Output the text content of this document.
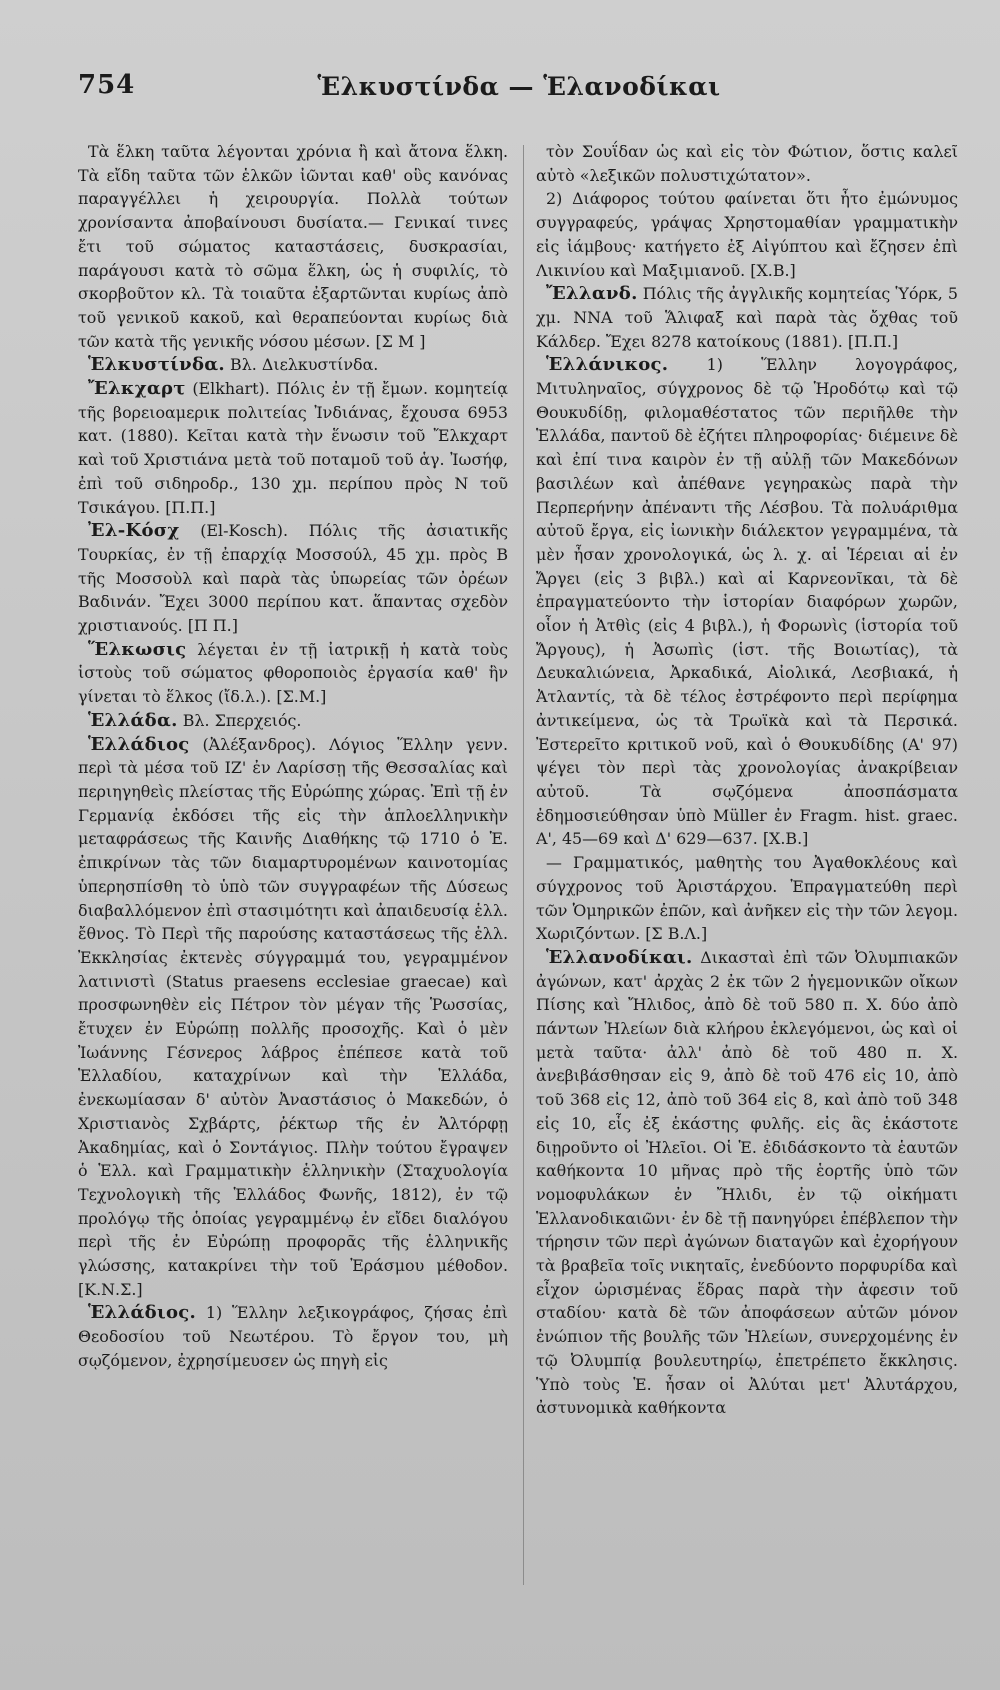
754	Ἑλκυστίνδα — Ἑλανοδίκαι

Τὰ ἕλκη ταῦτα λέγονται χρόνια ἢ καὶ ἄτονα ἕλκη. Τὰ εἴδη ταῦτα τῶν ἑλκῶν ἰῶνται καθ' οὓς κανόνας παραγγέλλει ἡ χειρουργία. Πολλὰ τούτων χρονίσαντα ἀποβαίνουσι δυσίατα.— Γενικαί τινες ἔτι τοῦ σώματος καταστάσεις, δυσκρασίαι, παράγουσι κατὰ τὸ σῶμα ἕλκη, ὡς ἡ συφιλίς, τὸ σκορβοῦτον κλ. Τὰ τοιαῦτα ἐξαρτῶνται κυρίως ἀπὸ τοῦ γενικοῦ κακοῦ, καὶ θεραπεύονται κυρίως διὰ τῶν κατὰ τῆς γενικῆς νόσου μέσων. [Σ Μ ]

Ἑλκυστίνδα. Βλ. Διελκυστίνδα.

Ἔλκχαρτ (Elkhart). Πόλις ἐν τῇ ἔμων. κομητείᾳ τῆς βορειοαμερικ πολιτείας Ἰνδιάνας, ἔχουσα 6953 κατ. (1880). Κεῖται κατὰ τὴν ἕνωσιν τοῦ Ἔλκχαρτ καὶ τοῦ Χριστιάνα μετὰ τοῦ ποταμοῦ τοῦ ἁγ. Ἰωσήφ, ἐπὶ τοῦ σιδηροδρ., 130 χμ. περίπου πρὸς Ν τοῦ Τσικάγου. [Π.Π.]

Ἐλ-Κόσχ (El-Kosch). Πόλις τῆς ἀσιατικῆς Τουρκίας, ἐν τῇ ἐπαρχίᾳ Μοσσούλ, 45 χμ. πρὸς Β τῆς Μοσσοὺλ καὶ παρὰ τὰς ὑπωρείας τῶν ὀρέων Βαδινάν. Ἔχει 3000 περίπου κατ. ἅπαντας σχεδὸν χριστιανούς. [Π Π.]

Ἕλκωσις λέγεται ἐν τῇ ἰατρικῇ ἡ κατὰ τοὺς ἱστοὺς τοῦ σώματος φθοροποιὸς ἐργασία καθ' ἣν γίνεται τὸ ἕλκος (ἴδ.λ.). [Σ.Μ.]

Ἑλλάδα. Βλ. Σπερχειός.

Ἑλλάδιος (Ἀλέξανδρος). Λόγιος Ἕλλην γενν. περὶ τὰ μέσα τοῦ ΙΖ' ἐν Λαρίσσῃ τῆς Θεσσαλίας καὶ περιηγηθεὶς πλείστας τῆς Εὐρώπης χώρας. Ἐπὶ τῇ ἐν Γερμανίᾳ ἐκδόσει τῆς εἰς τὴν ἁπλοελληνικὴν μεταφράσεως τῆς Καινῆς Διαθήκης τῷ 1710 ὁ Ἑ. ἐπικρίνων τὰς τῶν διαμαρτυρομένων καινοτομίας ὑπερησπίσθη τὸ ὑπὸ τῶν συγγραφέων τῆς Δύσεως διαβαλλόμενον ἐπὶ στασιμότητι καὶ ἀπαιδευσίᾳ ἑλλ. ἔθνος. Τὸ Περὶ τῆς παρούσης καταστάσεως τῆς ἑλλ. Ἐκκλησίας ἐκτενὲς σύγγραμμά του, γεγραμμένον λατινιστὶ (Status praesens ecclesiae graecae) καὶ προσφωνηθὲν εἰς Πέτρον τὸν μέγαν τῆς Ῥωσσίας, ἔτυχεν ἐν Εὐρώπῃ πολλῆς προσοχῆς. Καὶ ὁ μὲν Ἰωάννης Γέσνερος λάβρος ἐπέπεσε κατὰ τοῦ Ἑλλαδίου, καταχρίνων καὶ τὴν Ἑλλάδα, ἐνεκωμίασαν δ' αὐτὸν Ἀναστάσιος ὁ Μακεδών, ὁ Χριστιανὸς Σχβάρτς, ῥέκτωρ τῆς ἐν Ἀλτόρφῃ Ἀκαδημίας, καὶ ὁ Σοντάγιος. Πλὴν τούτου ἔγραψεν ὁ Ἑλλ. καὶ Γραμματικὴν ἑλληνικὴν (Σταχυολογία Τεχνολογικὴ τῆς Ἑλλάδος Φωνῆς, 1812), ἐν τῷ προλόγῳ τῆς ὁποίας γεγραμμένῳ ἐν εἴδει διαλόγου περὶ τῆς ἐν Εὐρώπῃ προφορᾶς τῆς ἑλληνικῆς γλώσσης, κατακρίνει τὴν τοῦ Ἐράσμου μέθοδον. [Κ.Ν.Σ.]

Ἑλλάδιος. 1) Ἕλλην λεξικογράφος, ζήσας ἐπὶ Θεοδοσίου τοῦ Νεωτέρου. Τὸ ἔργον του, μὴ σῳζόμενον, ἐχρησίμευσεν ὡς πηγὴ εἰς

τὸν Σουΐδαν ὡς καὶ εἰς τὸν Φώτιον, ὅστις καλεῖ αὐτὸ «λεξικῶν πολυστιχώτατον».

2) Διάφορος τούτου φαίνεται ὅτι ἦτο ἐμώνυμος συγγραφεύς, γράψας Χρηστομαθίαν γραμματικὴν εἰς ἰάμβους· κατήγετο ἐξ Αἰγύπτου καὶ ἔζησεν ἐπὶ Λικινίου καὶ Μαξιμιανοῦ. [Χ.Β.]

Ἔλλανδ. Πόλις τῆς ἀγγλικῆς κομητείας Ὑόρκ, 5 χμ. ΝΝΑ τοῦ Ἅλιφαξ καὶ παρὰ τὰς ὄχθας τοῦ Κάλδερ. Ἔχει 8278 κατοίκους (1881). [Π.Π.]

Ἑλλάνικος. 1) Ἕλλην λογογράφος, Μιτυληναῖος, σύγχρονος δὲ τῷ Ἡροδότῳ καὶ τῷ Θουκυδίδῃ, φιλομαθέστατος τῶν περιῆλθε τὴν Ἑλλάδα, παντοῦ δὲ ἐζήτει πληροφορίας· διέμεινε δὲ καὶ ἐπί τινα καιρὸν ἐν τῇ αὐλῇ τῶν Μακεδόνων βασιλέων καὶ ἀπέθανε γεγηρακὼς παρὰ τὴν Περπερήνην ἀπέναντι τῆς Λέσβου. Τὰ πολυάριθμα αὐτοῦ ἔργα, εἰς ἰωνικὴν διάλεκτον γεγραμμένα, τὰ μὲν ἦσαν χρονολογικά, ὡς λ. χ. αἱ Ἱέρειαι αἱ ἐν Ἄργει (εἰς 3 βιβλ.) καὶ αἱ Καρνεονῖκαι, τὰ δὲ ἐπραγματεύοντο τὴν ἱστορίαν διαφόρων χωρῶν, οἷον ἡ Ἀτθὶς (εἰς 4 βιβλ.), ἡ Φορωνὶς (ἱστορία τοῦ Ἄργους), ἡ Ἀσωπὶς (ἱστ. τῆς Βοιωτίας), τὰ Δευκαλιώνεια, Ἀρκαδικά, Αἰολικά, Λεσβιακά, ἡ Ἀτλαντίς, τὰ δὲ τέλος ἐστρέφοντο περὶ περίφημα ἀντικείμενα, ὡς τὰ Τρωϊκὰ καὶ τὰ Περσικά. Ἐστερεῖτο κριτικοῦ νοῦ, καὶ ὁ Θουκυδίδης (Α' 97) ψέγει τὸν περὶ τὰς χρονολογίας ἀνακρίβειαν αὐτοῦ. Τὰ σῳζόμενα ἀποσπάσματα ἐδημοσιεύθησαν ὑπὸ Müller ἐν Fragm. hist. graec. Α', 45—69 καὶ Δ' 629—637. [Χ.Β.]

— Γραμματικός, μαθητὴς του Ἀγαθοκλέους καὶ σύγχρονος τοῦ Ἀριστάρχου. Ἐπραγματεύθη περὶ τῶν Ὁμηρικῶν ἐπῶν, καὶ ἀνῆκεν εἰς τὴν τῶν λεγομ. Χωριζόντων. [Σ Β.Λ.]

Ἑλλανοδίκαι. Δικασταὶ ἐπὶ τῶν Ὀλυμπιακῶν ἀγώνων, κατ' ἀρχὰς 2 ἐκ τῶν 2 ἡγεμονικῶν οἴκων Πίσης καὶ Ἤλιδος, ἀπὸ δὲ τοῦ 580 π. Χ. δύο ἀπὸ πάντων Ἠλείων διὰ κλήρου ἐκλεγόμενοι, ὡς καὶ οἱ μετὰ ταῦτα· ἀλλ' ἀπὸ δὲ τοῦ 480 π. Χ. ἀνεβιβάσθησαν εἰς 9, ἀπὸ δὲ τοῦ 476 εἰς 10, ἀπὸ τοῦ 368 εἰς 12, ἀπὸ τοῦ 364 εἰς 8, καὶ ἀπὸ τοῦ 348 εἰς 10, εἷς ἐξ ἑκάστης φυλῆς. εἰς ἃς ἑκάστοτε διῃροῦντο οἱ Ἠλεῖοι. Οἱ Ἑ. ἐδιδάσκοντο τὰ ἑαυτῶν καθήκοντα 10 μῆνας πρὸ τῆς ἑορτῆς ὑπὸ τῶν νομοφυλάκων ἐν Ἤλιδι, ἐν τῷ οἰκήματι Ἑλλανοδικαιῶνι· ἐν δὲ τῇ πανηγύρει ἐπέβλεπον τὴν τήρησιν τῶν περὶ ἀγώνων διαταγῶν καὶ ἐχορήγουν τὰ βραβεῖα τοῖς νικηταῖς, ἐνεδύοντο πορφυρίδα καὶ εἶχον ὡρισμένας ἕδρας παρὰ τὴν ἀφεσιν τοῦ σταδίου· κατὰ δὲ τῶν ἀποφάσεων αὐτῶν μόνον ἐνώπιον τῆς βουλῆς τῶν Ἠλείων, συνερχομένης ἐν τῷ Ὀλυμπίᾳ βουλευτηρίῳ, ἐπετρέπετο ἔκκλησις. Ὑπὸ τοὺς Ἑ. ἦσαν οἱ Ἀλύται μετ' Ἀλυτάρχου, ἀστυνομικὰ καθήκοντα
